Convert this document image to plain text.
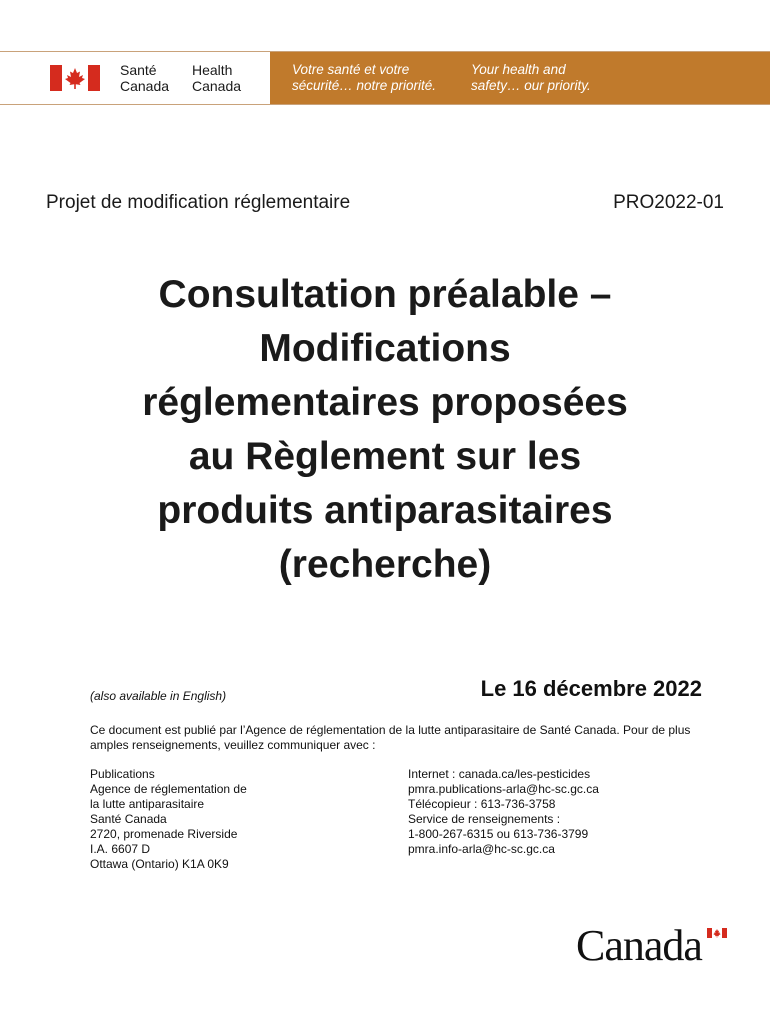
Santé
Canada
Health
Canada
Votre santé et votre
sécurité… notre priorité.
Your health and
safety… our priority.
Projet de modification réglementaire	PRO2022-01
Consultation préalable –
Modifications
réglementaires proposées
au Règlement sur les
produits antiparasitaires
(recherche)
(also available in English)	Le 16 décembre 2022

Ce document est publié par l’Agence de réglementation de la lutte antiparasitaire de Santé Canada. Pour de plus amples renseignements, veuillez communiquer avec :

Publications
Agence de réglementation de
la lutte antiparasitaire
Santé Canada
2720, promenade Riverside
I.A. 6607 D
Ottawa (Ontario) K1A 0K9
Internet : canada.ca/les-pesticides
pmra.publications-arla@hc-sc.gc.ca
Télécopieur : 613-736-3758
Service de renseignements :
1-800-267-6315 ou 613-736-3799
pmra.info-arla@hc-sc.gc.ca
Canada
